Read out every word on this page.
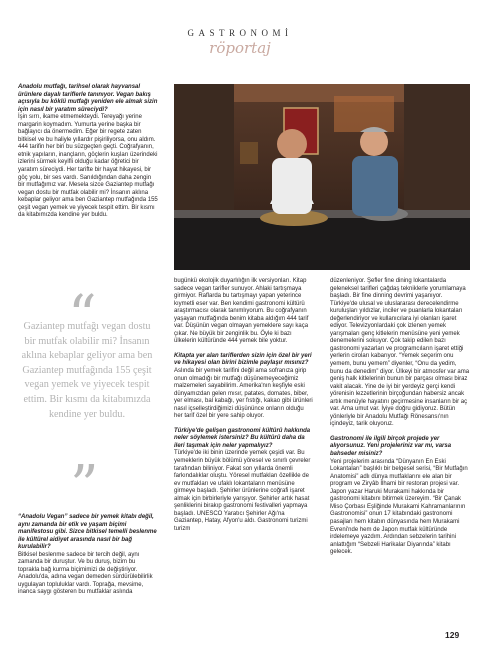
GASTRONOMİ
röportaj

Anadolu mutfağı, tarihsel olarak hayvansal ürünlere dayalı tariflerle tanınıyor. Vegan bakış açısıyla bu köklü mutfağı yeniden ele almak sizin için nasıl bir yaratım süreciydi?

İşin sırrı, ikame etmemekteydi. Tereyağı yerine margarin koymadım. Yumurta yerine başka bir bağlayıcı da önermedim. Eğer bir regete zaten bitkisel ve bu haliyle yıllardır pişiriliyorsa, onu aldım. 444 tarifin her biri bu süzgeçten geçti. Coğrafyanın, etnik yapıların, inançların, göçlerin kuşları üzerindeki izlerini sürmek keyifli olduğu kadar öğretici bir yaratım süreciydi. Her tarifte bir hayat hikayesi, bir göç yolu, bir ses vardı. Sanıldığından daha zengin bir mutfağımız var. Mesela sizce Gaziantep mutfağı vegan dostu bir mutfak olabilir mi? İnsanın aklına kebaplar geliyor ama ben Gaziantep mutfağında 155 çeşit vegan yemek ve yiyecek tespit ettim. Bir kısmı da kitabımızda kendine yer buldu.

“
Gaziantep mutfağı vegan dostu bir mutfak olabilir mi? İnsanın aklına kebaplar geliyor ama ben Gaziantep mutfağında 155 çeşit vegan yemek ve yiyecek tespit ettim. Bir kısmı da kitabımızda kendine yer buldu.
”

“Anadolu Vegan” sadece bir yemek kitabı değil, aynı zamanda bir etik ve yaşam biçimi manifestosu gibi. Sizce bitkisel temelli beslenme ile kültürel aidiyet arasında nasıl bir bağ kurulabilir?

Bitkisel beslenme sadece bir tercih değil, aynı zamanda bir duruştur. Ve bu duruş, bizim bu toprakla bağ kurma biçimimizi de değiştiriyor. Anadolu'da, adına vegan demeden sürdürülebilirlik uygulayan topluluklar vardı. Toprağa, mevsime, inanca saygı gösteren bu mutfaklar aslında

bugünkü ekolojik duyarlılığın ilk versiyonları. Kitap sadece vegan tarifler sunuyor. Ahlaki tartışmaya girmiyor. Raflarda bu tartışmayı yapan yeterince kıymetli eser var. Ben kendimi gastronomi kültürü araştırmacısı olarak tanımlıyorum. Bu coğrafyanın yaşayan mutfağında benim kitaba aldığım 444 tarif var. Düşünün vegan olmayan yemeklere sayı kaça çıkar. Ne büyük bir zenginlik bu. Öyle ki bazı ülkelerin kültüründe 444 yemek bile yoktur.

Kitapta yer alan tariflerden sizin için özel bir yeri ve hikayesi olan birini bizimle paylaşır mısınız?

Aslında bir yemek tarifini değil ama sofranıza girip onun olmadığı bir mutfağı düşünemeyeceğimiz malzemeleri sayabilirim. Amerika'nın keşfiyle eski dünyamızdan gelen mısır, patates, domates, biber, yer elması, bal kabağı, yer fıstığı, kakao gibi ürünleri nasıl içselleştirdiğimizi düşününce onların olduğu her tarif özel bir yere sahip oluyor.

Türkiye'de gelişen gastronomi kültürü hakkında neler söylemek istersiniz? Bu kültürü daha da ileri taşımak için neler yapmalıyız?

Türkiye'de iki binin üzerinde yemek çeşidi var. Bu yemeklerin büyük bölümü yöresel ve sınırlı çevreler tarafından biliniyor. Fakat son yıllarda önemli farkındalıklar oluştu. Yöresel mutfakları özellikle de ev mutfakları ve ufaklı lokantaların menüsüne girmeye başladı. Şehirler ürünlerine coğrafi işaret almak için birbirleriyle yarışıyor. Şehirler artık hasat şenliklerini birakıp gastronomi festivalleri yapmaya başladı. UNESCO Yaratıcı Şehirler Ağı'na Gaziantep, Hatay, Afyon'u aldı. Gastronomi turizmi turizm

düzenleniyor. Şefler fine dining lokantalarda geleneksel tarifleri çağdaş tekniklerle yorumlamaya başladı. Bir fine dinning devrimi yaşanıyor. Türkiye'de ulusal ve uluslararası derecelendirme kuruluşları yıldızlar, inciler ve puanlarla lokantaları değerlendiriyor ve kullanıcılara iyi olanları işaret ediyor. Televizyonlardaki çok izlenen yemek yarışmaları genç kitlelerin menüsüne yeni yemek denemelerini sokuyor. Çok takip edilen bazı gastronomi yazarları ve programcıların işaret ettiği yerlerin ciroları kabarıyor. “Yemek seçerim onu yemem, bunu yemem” diyenler, “Onu da yedim, bunu da denedim” diyor. Ülkeyi bir atmosfer var ama geniş halk kitlelerinin bunun bir parçası olması biraz vakit alacak. Yine de iyi bir yerdeyiz gerçi kendi yörenisin lezzetlerinin birçoğundan habersiz ancak artık menüyle hayatını geçirmesine insanların bir aç var. Ama umut var. İyiye doğru gidiyoruz. Bütün yönleriyle bir Anadolu Mutfağı Rönesansı'nın içindeyiz, tarik oluyoruz.

Gastronomi ile ilgili birçok projede yer alıyorsunuz. Yeni projeleriniz var mı, varsa bahseder misiniz?

Yeni projelerim arasında “Dünyanın En Eski Lokantaları” başlıklı bir belgesel serisi, “Bir Mutfağın Anatomisi” adlı dünya mutfaklarını ele alan bir program ve Ziryâb İlhami bir restoran projesi var. Japon yazar Haruki Murakami hakkında bir gastronomi kitabını bitirmek üzereyim. “Bir Çanak Miso Çorbası Eşliğinde Murakami Kahramanlarının Gastronomisi” onun 17 kitabındaki gastronomi pasajları hem kitabın dünyasında hem Murakami Evreni'nde hem de Japon mutfak kültüründe irdelemeye yazdım. Ardından sebzelerin tarihini anlattığım “Sebzeli Harikalar Diyarında” kitabı gelecek.

129
